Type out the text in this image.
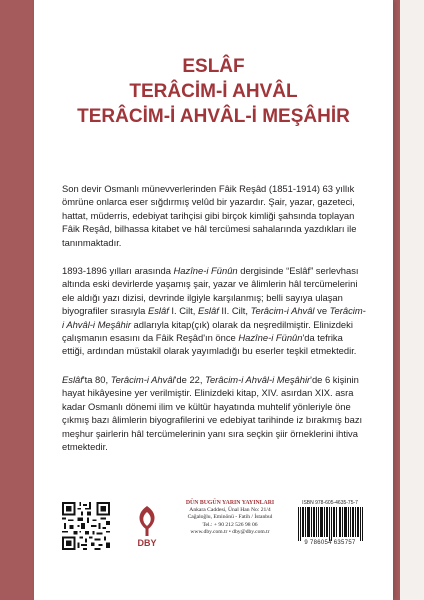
ESLÂF
TERÂCİM-İ AHVÂL
TERÂCİM-İ AHVÂL-İ MEŞÂHİR

Son devir Osmanlı münevverlerinden Fâik Reşâd (1851-1914) 63 yıllık ömrüne onlarca eser sığdırmış velûd bir yazardır. Şair, yazar, gazeteci, hattat, müderris, edebiyat tarihçisi gibi birçok kimliği şahsında toplayan Fâik Reşâd, bilhassa kitabet ve hâl tercümesi sahalarında yazdıkları ile tanınmaktadır.

1893-1896 yılları arasında Hazîne-i Fünûn dergisinde “Eslâf” serlevhası altında eski devirlerde yaşamış şair, yazar ve âlimlerin hâl tercümelerini ele aldığı yazı dizisi, devrinde ilgiyle karşılanmış; belli sayıya ulaşan biyografiler sırasıyla Eslâf I. Cilt, Eslâf II. Cilt, Terâcim-i Ahvâl ve Terâcim-i Ahvâl-i Meşâhir adlarıyla kitap(çık) olarak da neşredilmiştir. Elinizdeki çalışmanın esasını da Fâik Reşâd'ın önce Hazîne-i Fünûn'da tefrika ettiği, ardından müstakil olarak yayımladığı bu eserler teşkil etmektedir.

Eslâf'ta 80, Terâcim-i Ahvâl'de 22, Terâcim-i Ahvâl-i Meşâhir'de 6 kişinin hayat hikâyesine yer verilmiştir. Elinizdeki kitap, XIV. asırdan XIX. asra kadar Osmanlı dönemi ilim ve kültür hayatında muhtelif yönleriyle öne çıkmış bazı âlimlerin biyografilerini ve edebiyat tarihinde iz bırakmış bazı meşhur şairlerin hâl tercümelerinin yanı sıra seçkin şiir örneklerini ihtiva etmektedir.

DBY
DÜN BUGÜN YARIN YAYINLARI
Ankara Caddesi, Ünal Han No: 21/4
Cağaloğlu, Eminönü - Fatih / İstanbul
Tel.: + 90 212 526 98 06
www.dby.com.tr • dby@dby.com.tr
ISBN 978-605-4635-75-7
9 786054 635757
